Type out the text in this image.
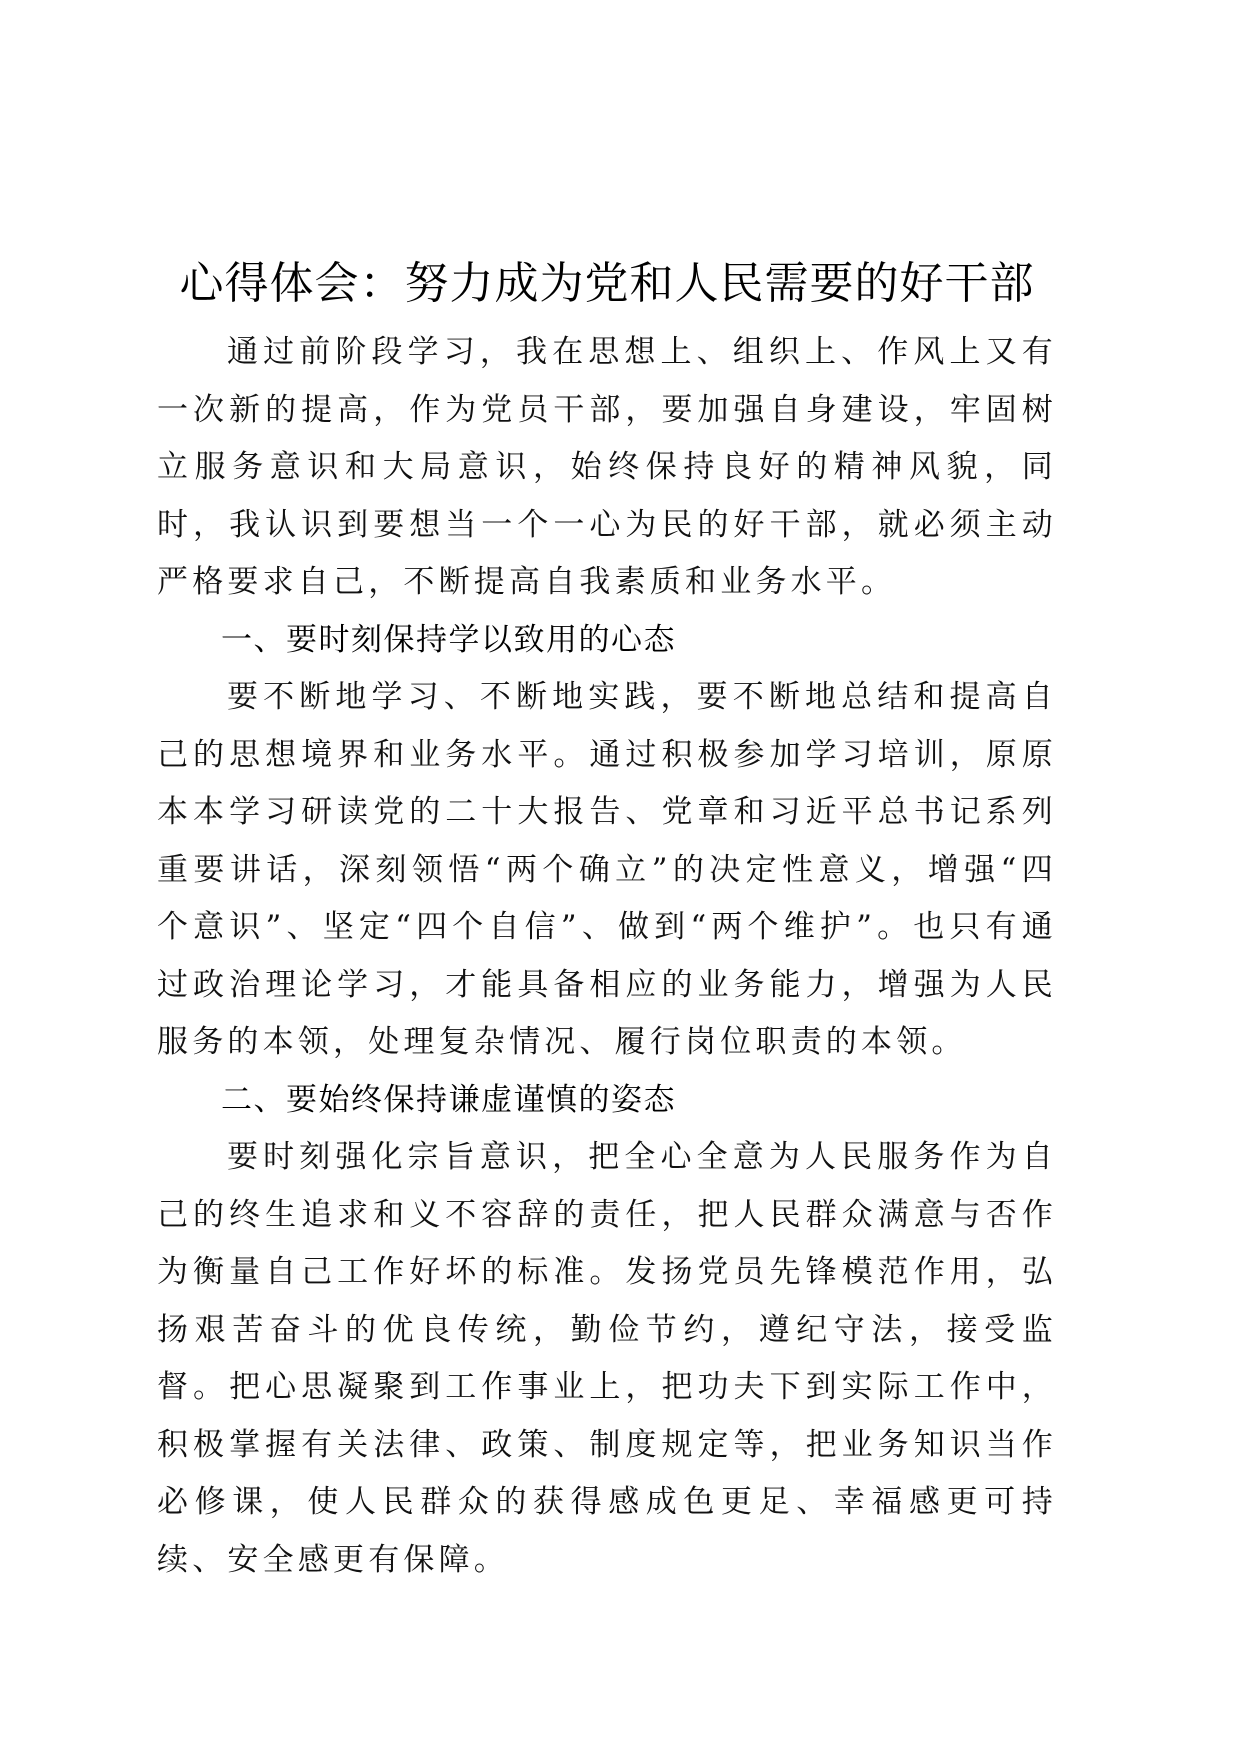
心得体会：努力成为党和人民需要的好干部

通过前阶段学习，我在思想上、组织上、作风上又有一次新的提高，作为党员干部，要加强自身建设，牢固树立服务意识和大局意识，始终保持良好的精神风貌，同时，我认识到要想当一个一心为民的好干部，就必须主动严格要求自己，不断提高自我素质和业务水平。

一、要时刻保持学以致用的心态

要不断地学习、不断地实践，要不断地总结和提高自己的思想境界和业务水平。通过积极参加学习培训，原原本本学习研读党的二十大报告、党章和习近平总书记系列重要讲话，深刻领悟“两个确立”的决定性意义，增强“四个意识”、坚定“四个自信”、做到“两个维护”。也只有通过政治理论学习，才能具备相应的业务能力，增强为人民服务的本领，处理复杂情况、履行岗位职责的本领。

二、要始终保持谦虚谨慎的姿态

要时刻强化宗旨意识，把全心全意为人民服务作为自己的终生追求和义不容辞的责任，把人民群众满意与否作为衡量自己工作好坏的标准。发扬党员先锋模范作用，弘扬艰苦奋斗的优良传统，勤俭节约，遵纪守法，接受监督。把心思凝聚到工作事业上，把功夫下到实际工作中，积极掌握有关法律、政策、制度规定等，把业务知识当作必修课，使人民群众的获得感成色更足、幸福感更可持续、安全感更有保障。
